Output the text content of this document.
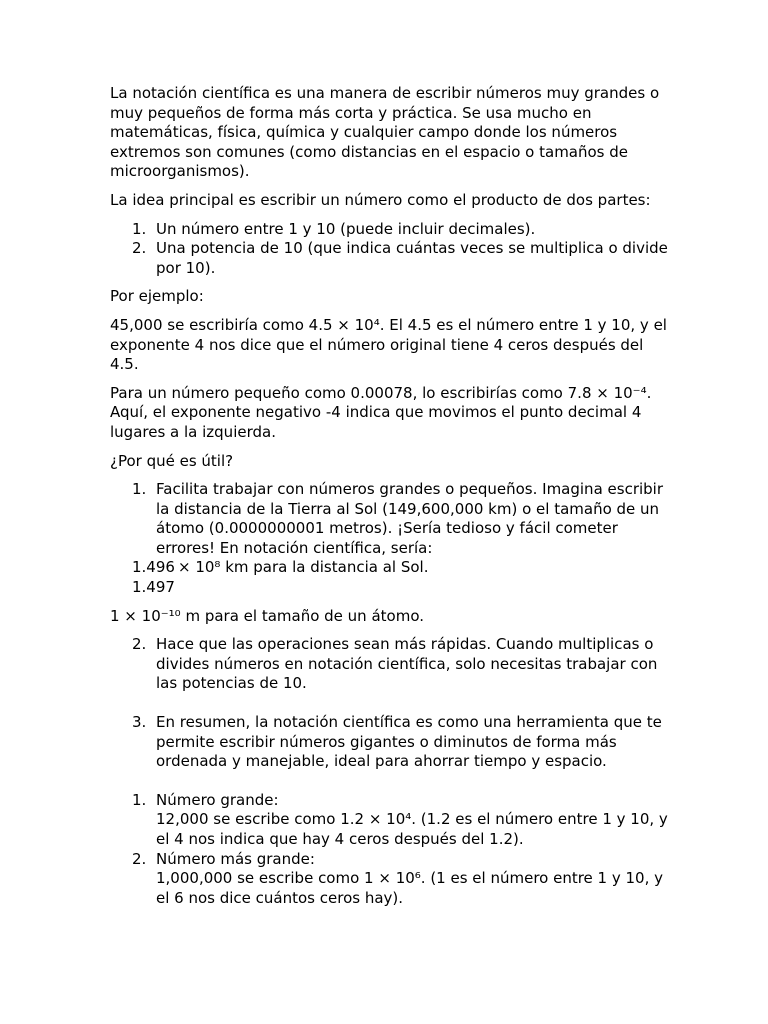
La notación científica es una manera de escribir números muy grandes o muy pequeños de forma más corta y práctica. Se usa mucho en matemáticas, física, química y cualquier campo donde los números extremos son comunes (como distancias en el espacio o tamaños de microorganismos).

La idea principal es escribir un número como el producto de dos partes:

1. Un número entre 1 y 10 (puede incluir decimales).
2. Una potencia de 10 (que indica cuántas veces se multiplica o divide por 10).

Por ejemplo:

45,000 se escribiría como 4.5 × 10⁴. El 4.5 es el número entre 1 y 10, y el exponente 4 nos dice que el número original tiene 4 ceros después del 4.5.

Para un número pequeño como 0.00078, lo escribirías como 7.8 × 10⁻⁴. Aquí, el exponente negativo -4 indica que movimos el punto decimal 4 lugares a la izquierda.

¿Por qué es útil?

1. Facilita trabajar con números grandes o pequeños. Imagina escribir la distancia de la Tierra al Sol (149,600,000 km) o el tamaño de un átomo (0.0000000001 metros). ¡Sería tedioso y fácil cometer errores! En notación científica, sería:
1.496 × 10⁸ km para la distancia al Sol.
1.497

1 × 10⁻¹⁰ m para el tamaño de un átomo.

2. Hace que las operaciones sean más rápidas. Cuando multiplicas o divides números en notación científica, solo necesitas trabajar con las potencias de 10.
3. En resumen, la notación científica es como una herramienta que te permite escribir números gigantes o diminutos de forma más ordenada y manejable, ideal para ahorrar tiempo y espacio.
1. Número grande:
12,000 se escribe como 1.2 × 10⁴. (1.2 es el número entre 1 y 10, y el 4 nos indica que hay 4 ceros después del 1.2).
2. Número más grande:
1,000,000 se escribe como 1 × 10⁶. (1 es el número entre 1 y 10, y el 6 nos dice cuántos ceros hay).
